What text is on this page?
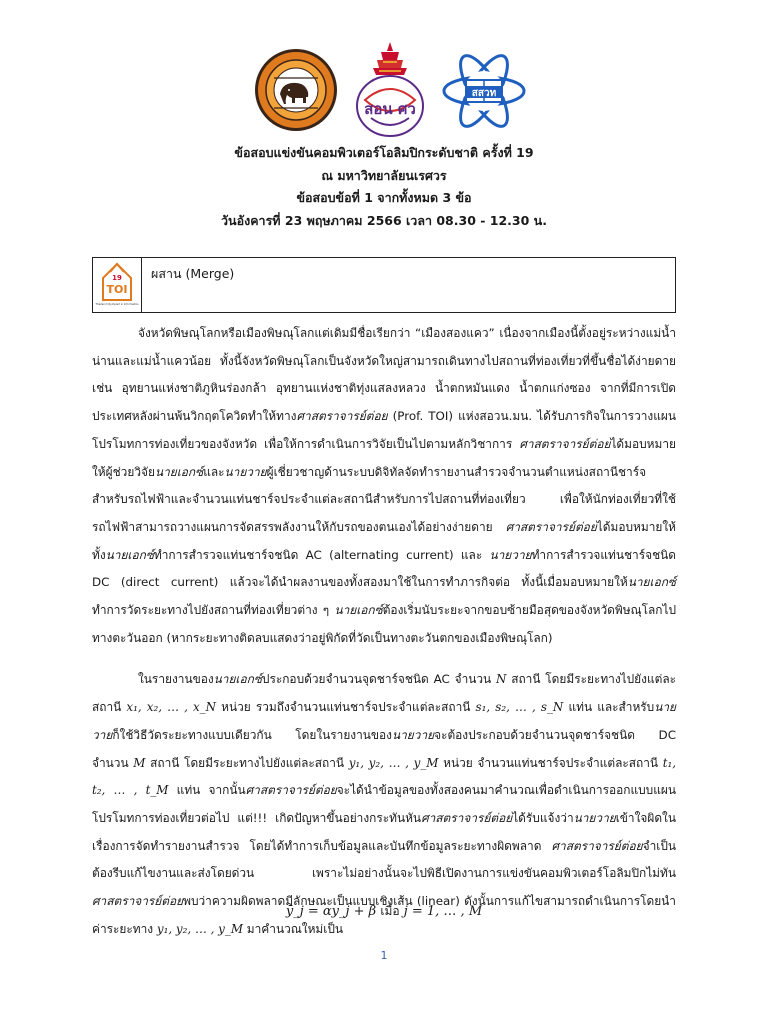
สอน ศว
สสวท
ข้อสอบแข่งขันคอมพิวเตอร์โอลิมปิกระดับชาติ ครั้งที่ 19
ณ มหาวิทยาลัยนเรศวร
ข้อสอบข้อที่ 1 จากทั้งหมด 3 ข้อ
วันอังคารที่ 23 พฤษภาคม 2566 เวลา 08.30 - 12.30 น.
19
TOI
Thailand Olympiad in Informatics
ผสาน (Merge)

จังหวัดพิษณุโลกหรือเมืองพิษณุโลกแต่เดิมมีชื่อเรียกว่า “เมืองสองแคว” เนื่องจากเมืองนี้ตั้งอยู่ระหว่างแม่น้ำน่านและแม่น้ำแควน้อย ทั้งนี้จังหวัดพิษณุโลกเป็นจังหวัดใหญ่สามารถเดินทางไปสถานที่ท่องเที่ยวที่ขึ้นชื่อได้ง่ายดาย เช่น อุทยานแห่งชาติภูหินร่องกล้า อุทยานแห่งชาติทุ่งแสลงหลวง น้ำตกหมันแดง น้ำตกแก่งซอง จากที่มีการเปิดประเทศหลังผ่านพ้นวิกฤตโควิดทำให้ทางศาสตราจารย์ต่อย (Prof. TOI) แห่งสอวน.มน. ได้รับภารกิจในการวางแผนโปรโมทการท่องเที่ยวของจังหวัด เพื่อให้การดำเนินการวิจัยเป็นไปตามหลักวิชาการ ศาสตราจารย์ต่อยได้มอบหมายให้ผู้ช่วยวิจัยนายเอกซ์และนายวายผู้เชี่ยวชาญด้านระบบดิจิทัลจัดทำรายงานสำรวจจำนวนตำแหน่งสถานีชาร์จสำหรับรถไฟฟ้าและจำนวนแท่นชาร์จประจำแต่ละสถานีสำหรับการไปสถานที่ท่องเที่ยว เพื่อให้นักท่องเที่ยวที่ใช้รถไฟฟ้าสามารถวางแผนการจัดสรรพลังงานให้กับรถของตนเองได้อย่างง่ายดาย ศาสตราจารย์ต่อยได้มอบหมายให้ทั้งนายเอกซ์ทำการสำรวจแท่นชาร์จชนิด AC (alternating current) และ นายวายทำการสำรวจแท่นชาร์จชนิด DC (direct current) แล้วจะได้นำผลงานของทั้งสองมาใช้ในการทำภารกิจต่อ ทั้งนี้เมื่อมอบหมายให้นายเอกซ์ทำการวัดระยะทางไปยังสถานที่ท่องเที่ยวต่าง ๆ นายเอกซ์ต้องเริ่มนับระยะจากขอบซ้ายมือสุดของจังหวัดพิษณุโลกไปทางตะวันออก (หากระยะทางติดลบแสดงว่าอยู่พิกัดที่วัดเป็นทางตะวันตกของเมืองพิษณุโลก)

ในรายงานของนายเอกซ์ประกอบด้วยจำนวนจุดชาร์จชนิด AC จำนวน N สถานี โดยมีระยะทางไปยังแต่ละสถานี x₁, x₂, … , x_N หน่วย รวมถึงจำนวนแท่นชาร์จประจำแต่ละสถานี s₁, s₂, … , s_N แท่น และสำหรับนายวายก็ใช้วิธีวัดระยะทางแบบเดียวกัน โดยในรายงานของนายวายจะต้องประกอบด้วยจำนวนจุดชาร์จชนิด DC จำนวน M สถานี โดยมีระยะทางไปยังแต่ละสถานี y₁, y₂, … , y_M หน่วย จำนวนแท่นชาร์จประจำแต่ละสถานี t₁, t₂, … , t_M แท่น จากนั้นศาสตราจารย์ต่อยจะได้นำข้อมูลของทั้งสองคนมาคำนวณเพื่อดำเนินการออกแบบแผนโปรโมทการท่องเที่ยวต่อไป แต่!!! เกิดปัญหาขึ้นอย่างกระทันหันศาสตราจารย์ต่อยได้รับแจ้งว่านายวายเข้าใจผิดในเรื่องการจัดทำรายงานสำรวจ โดยได้ทำการเก็บข้อมูลและบันทึกข้อมูลระยะทางผิดพลาด ศาสตราจารย์ต่อยจำเป็นต้องรีบแก้ไขงานและส่งโดยด่วน เพราะไม่อย่างนั้นจะไปพิธีเปิดงานการแข่งขันคอมพิวเตอร์โอลิมปิกไม่ทัน ศาสตราจารย์ต่อยพบว่าความผิดพลาดมีลักษณะเป็นแบบเชิงเส้น (linear) ดังนั้นการแก้ไขสามารถดำเนินการโดยนำค่าระยะทาง y₁, y₂, … , y_M มาคำนวณใหม่เป็น

ȳ_j = αy_j + β เมื่อ j = 1, … , M
1
